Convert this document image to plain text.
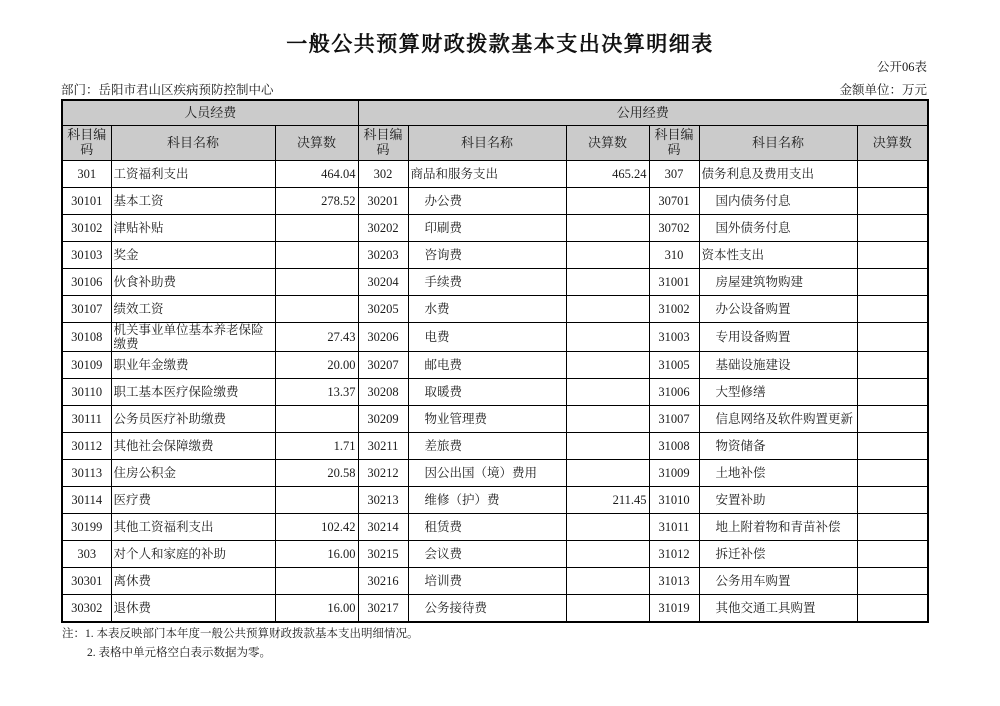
一般公共预算财政拨款基本支出决算明细表
公开06表
部门：岳阳市君山区疾病预防控制中心	金额单位：万元
人员经费			公用经费					
科目编码	科目名称	决算数	科目编码	科目名称	决算数	科目编码	科目名称	决算数
301	工资福利支出	464.04	302	商品和服务支出	465.24	307	债务利息及费用支出	
30101	基本工资	278.52	30201	办公费		30701	国内债务付息	
30102	津贴补贴		30202	印刷费		30702	国外债务付息	
30103	奖金		30203	咨询费		310	资本性支出	
30106	伙食补助费		30204	手续费		31001	房屋建筑物购建	
30107	绩效工资		30205	水费		31002	办公设备购置	
30108	机关事业单位基本养老保险缴费	27.43	30206	电费		31003	专用设备购置	
30109	职业年金缴费	20.00	30207	邮电费		31005	基础设施建设	
30110	职工基本医疗保险缴费	13.37	30208	取暖费		31006	大型修缮	
30111	公务员医疗补助缴费		30209	物业管理费		31007	信息网络及软件购置更新	
30112	其他社会保障缴费	1.71	30211	差旅费		31008	物资储备	
30113	住房公积金	20.58	30212	因公出国（境）费用		31009	土地补偿	
30114	医疗费		30213	维修（护）费	211.45	31010	安置补助	
30199	其他工资福利支出	102.42	30214	租赁费		31011	地上附着物和青苗补偿	
303	对个人和家庭的补助	16.00	30215	会议费		31012	拆迁补偿	
30301	离休费		30216	培训费		31013	公务用车购置	
30302	退休费	16.00	30217	公务接待费		31019	其他交通工具购置	
注：1. 本表反映部门本年度一般公共预算财政拨款基本支出明细情况。
2. 表格中单元格空白表示数据为零。
